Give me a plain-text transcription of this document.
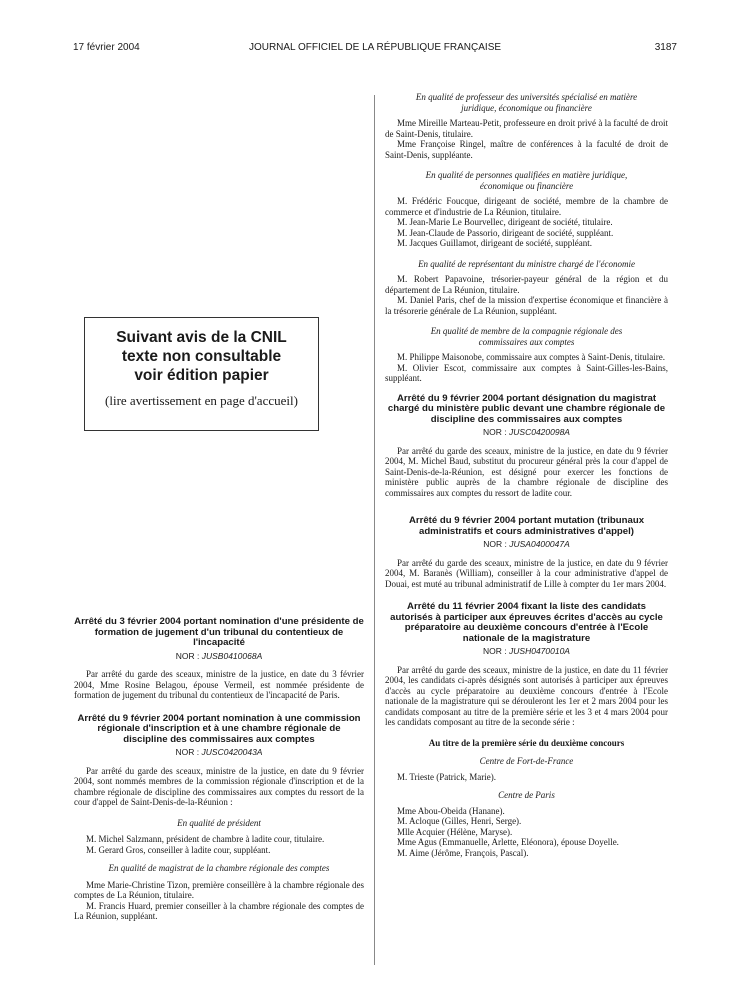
17 février 2004	JOURNAL OFFICIEL DE LA RÉPUBLIQUE FRANÇAISE	3187
Suivant avis de la CNIL
texte non consultable
voir édition papier
(lire avertissement en page d'accueil)

Arrêté du 3 février 2004 portant nomination d'une présidente de formation de jugement d'un tribunal du contentieux de l'incapacité

NOR : JUSB0410068A

Par arrêté du garde des sceaux, ministre de la justice, en date du 3 février 2004, Mme Rosine Belagou, épouse Vermeil, est nommée présidente de formation de jugement du tribunal du contentieux de l'incapacité de Paris.

Arrêté du 9 février 2004 portant nomination à une commission régionale d'inscription et à une chambre régionale de discipline des commissaires aux comptes

NOR : JUSC0420043A

Par arrêté du garde des sceaux, ministre de la justice, en date du 9 février 2004, sont nommés membres de la commission régionale d'inscription et de la chambre régionale de discipline des commissaires aux comptes du ressort de la cour d'appel de Saint-Denis-de-la-Réunion :

En qualité de président

M. Michel Salzmann, président de chambre à ladite cour, titulaire.

M. Gerard Gros, conseiller à ladite cour, suppléant.

En qualité de magistrat de la chambre régionale des comptes

Mme Marie-Christine Tizon, première conseillère à la chambre régionale des comptes de La Réunion, titulaire.

M. Francis Huard, premier conseiller à la chambre régionale des comptes de La Réunion, suppléant.

En qualité de professeur des universités spécialisé en matière juridique, économique ou financière

Mme Mireille Marteau-Petit, professeure en droit privé à la faculté de droit de Saint-Denis, titulaire.

Mme Françoise Ringel, maître de conférences à la faculté de droit de Saint-Denis, suppléante.

En qualité de personnes qualifiées en matière juridique, économique ou financière

M. Frédéric Foucque, dirigeant de société, membre de la chambre de commerce et d'industrie de La Réunion, titulaire.

M. Jean-Marie Le Bourvellec, dirigeant de société, titulaire.

M. Jean-Claude de Passorio, dirigeant de société, suppléant.

M. Jacques Guillamot, dirigeant de société, suppléant.

En qualité de représentant du ministre chargé de l'économie

M. Robert Papavoine, trésorier-payeur général de la région et du département de La Réunion, titulaire.

M. Daniel Paris, chef de la mission d'expertise économique et financière à la trésorerie générale de La Réunion, suppléant.

En qualité de membre de la compagnie régionale des commissaires aux comptes

M. Philippe Maisonobe, commissaire aux comptes à Saint-Denis, titulaire.

M. Olivier Escot, commissaire aux comptes à Saint-Gilles-les-Bains, suppléant.

Arrêté du 9 février 2004 portant désignation du magistrat chargé du ministère public devant une chambre régionale de discipline des commissaires aux comptes

NOR : JUSC0420098A

Par arrêté du garde des sceaux, ministre de la justice, en date du 9 février 2004, M. Michel Baud, substitut du procureur général près la cour d'appel de Saint-Denis-de-la-Réunion, est désigné pour exercer les fonctions de ministère public auprès de la chambre régionale de discipline des commissaires aux comptes du ressort de ladite cour.

Arrêté du 9 février 2004 portant mutation (tribunaux administratifs et cours administratives d'appel)

NOR : JUSA0400047A

Par arrêté du garde des sceaux, ministre de la justice, en date du 9 février 2004, M. Baranès (William), conseiller à la cour administrative d'appel de Douai, est muté au tribunal administratif de Lille à compter du 1er mars 2004.

Arrêté du 11 février 2004 fixant la liste des candidats autorisés à participer aux épreuves écrites d'accès au cycle préparatoire au deuxième concours d'entrée à l'Ecole nationale de la magistrature

NOR : JUSH0470010A

Par arrêté du garde des sceaux, ministre de la justice, en date du 11 février 2004, les candidats ci-après désignés sont autorisés à participer aux épreuves d'accès au cycle préparatoire au deuxième concours d'entrée à l'Ecole nationale de la magistrature qui se dérouleront les 1er et 2 mars 2004 pour les candidats composant au titre de la première série et les 3 et 4 mars 2004 pour les candidats composant au titre de la seconde série :

Au titre de la première série du deuxième concours

Centre de Fort-de-France

M. Trieste (Patrick, Marie).

Centre de Paris

Mme Abou-Obeida (Hanane).

M. Acloque (Gilles, Henri, Serge).

Mlle Acquier (Hélène, Maryse).

Mme Agus (Emmanuelle, Arlette, Eléonora), épouse Doyelle.

M. Aime (Jérôme, François, Pascal).
